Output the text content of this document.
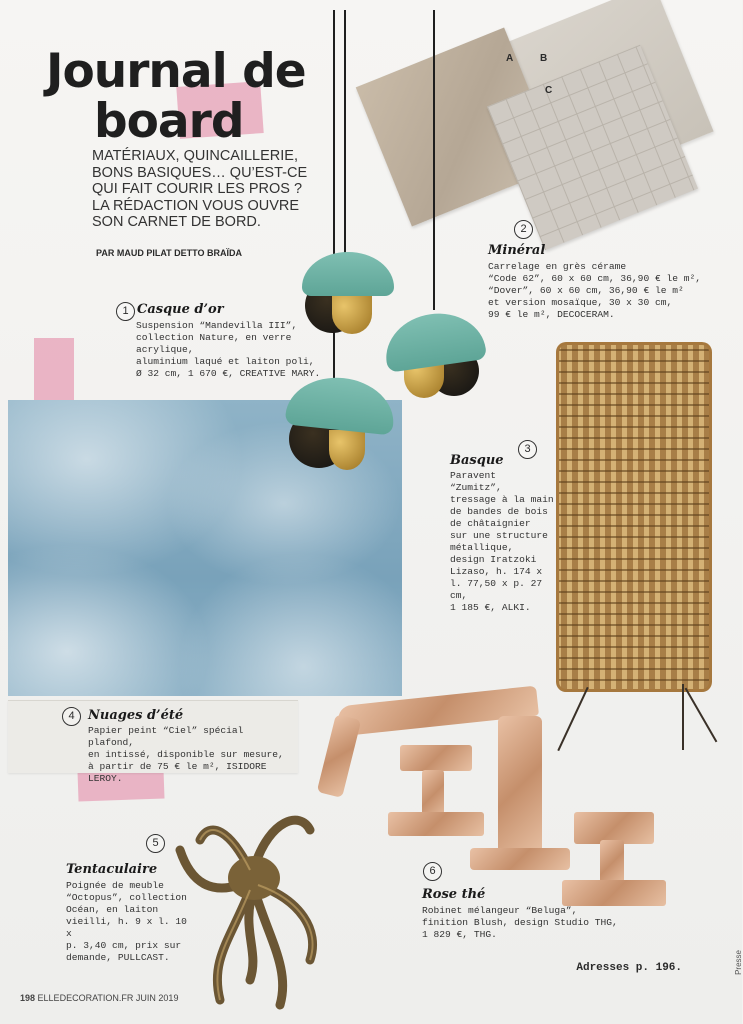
Journal de
board
MATÉRIAUX, QUINCAILLERIE, BONS BASIQUES… QU’EST-CE QUI FAIT COURIR LES PROS ? LA RÉDACTION VOUS OUVRE SON CARNET DE BORD.
PAR MAUD PILAT DETTO BRAÏDA
A	B
C
1 Casque d’or
Suspension “Mandevilla III”,
collection Nature, en verre acrylique,
aluminium laqué et laiton poli,
Ø 32 cm, 1 670 €, CREATIVE MARY.
2
Minéral
Carrelage en grès cérame
“Code 62”, 60 x 60 cm, 36,90 € le m²,
“Dover”, 60 x 60 cm, 36,90 € le m²
et version mosaïque, 30 x 30 cm,
99 € le m², DECOCERAM.
3
Basque
Paravent
“Zumitz”,
tressage à la main
de bandes de bois
de châtaignier
sur une structure
métallique,
design Iratzoki
Lizaso, h. 174 x
l. 77,50 x p. 27 cm,
1 185 €, ALKI.
4	Nuages d’été
Papier peint “Ciel” spécial plafond,
en intissé, disponible sur mesure,
à partir de 75 € le m², ISIDORE LEROY.
5
Tentaculaire
Poignée de meuble
“Octopus”, collection
Océan, en laiton
vieilli, h. 9 x l. 10 x
p. 3,40 cm, prix sur
demande, PULLCAST.
6
Rose thé
Robinet mélangeur “Beluga”,
finition Blush, design Studio THG,
1 829 €, THG.
Adresses p. 196.	Presse
198 ELLEDECORATION.FR JUIN 2019
